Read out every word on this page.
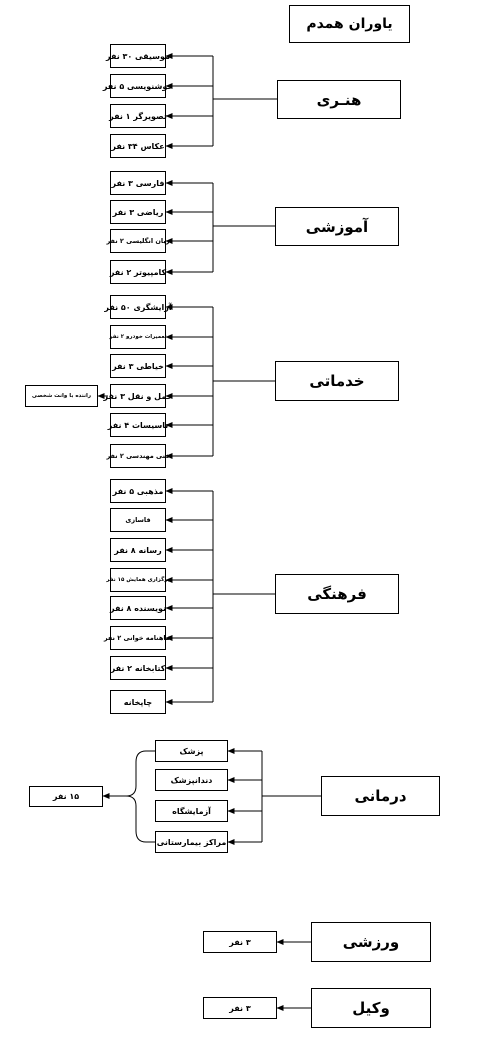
یاوران همدم
هنـری
موسیقی ۳۰ نفر
خوشنویسی ۵ نفر
تصویرگر ۱ نفر
عکاس ۳۴ نفر
آموزشی
فارسی ۳ نفر
ریاضی ۳ نفر
زبان انگلیسی ۲ نفر
کامپیوتر ۲ نفر
خدماتی
آرایشگری ۵۰ نفر
تعمیرات خودرو ۲ نفر
خیاطی ۳ نفر
حمل و نقل ۳ نفر
تاسیسات ۴ نفر
فنی مهندسی ۲ نفر
راننده با وانت شخصی
فرهنگی
مذهبی ۵ نفر
قاسازی
رسانه ۸ نفر
برگزاری همایش ۱۵ نفر
نویسنده ۸ نفر
شاهنامه خوانی ۲ نفر
کتابخانه ۲ نفر
چاپخانه
درمانی
پزشک
دندانپزشک
آزمایشگاه
مراکز بیمارستانی
۱۵ نفر
ورزشی
۳ نفر
وکیل
۳ نفر
